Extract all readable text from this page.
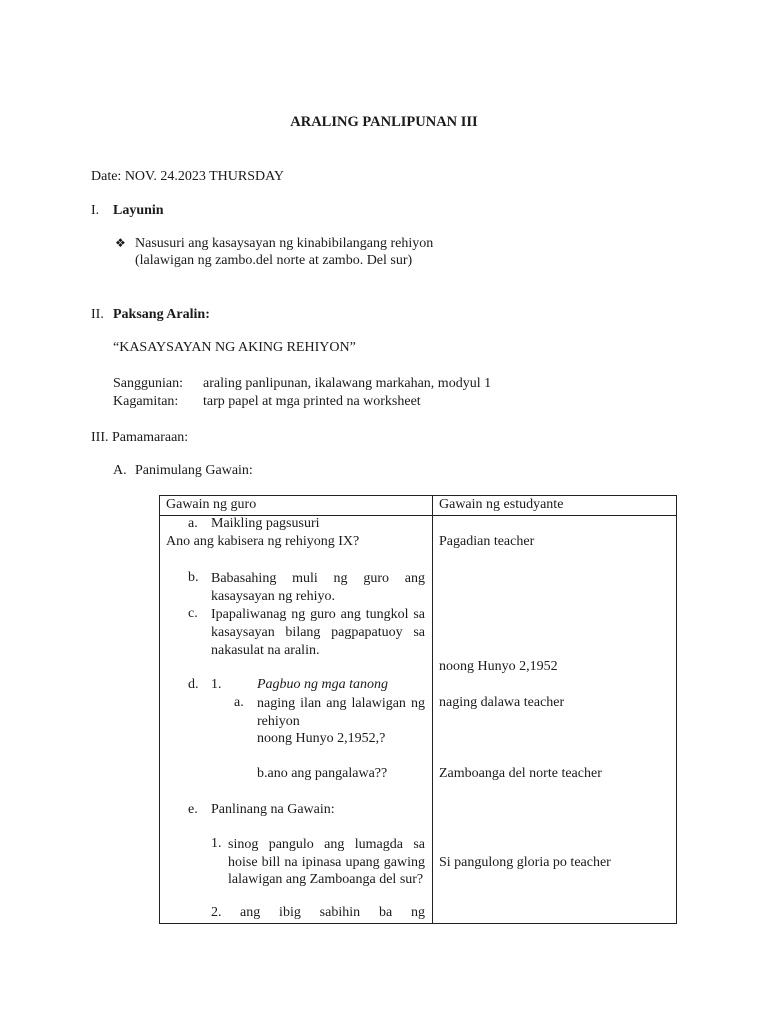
ARALING PANLIPUNAN III
Date: NOV. 24.2023 THURSDAY
I. Layunin
❖ Nasusuri ang kasaysayan ng kinabibilangang rehiyon
(lalawigan ng zambo.del norte at zambo. Del sur)
II. Paksang Aralin:
“KASAYSAYAN NG AKING REHIYON”
Sanggunian: araling panlipunan, ikalawang markahan, modyul 1
Kagamitan: tarp papel at mga printed na worksheet
III. Pamamaraan:
A. Panimulang Gawain:
Gawain ng guro	Gawain ng estudyante
a. Maikling pagsusuri
Ano ang kabisera ng rehiyong IX?
b. Babasahing muli ng guro ang kasaysayan ng rehiyo.
c. Ipapaliwanag ng guro ang tungkol sa kasaysayan bilang pagpapatuoy sa nakasulat na aralin.
d. 1.	Pagbuo ng mga tanong
a. naging ilan ang lalawigan ng rehiyon
noong Hunyo 2,1952,?
b.ano ang pangalawa??
e. Panlinang na Gawain:
1. sinog pangulo ang lumagda sa hoise bill na ipinasa upang gawing lalawigan ang Zamboanga del sur?
2. ang ibig sabihin ba ng
Pagadian teacher
noong Hunyo 2,1952
naging dalawa teacher
Zamboanga del norte teacher
Si pangulong gloria po teacher
